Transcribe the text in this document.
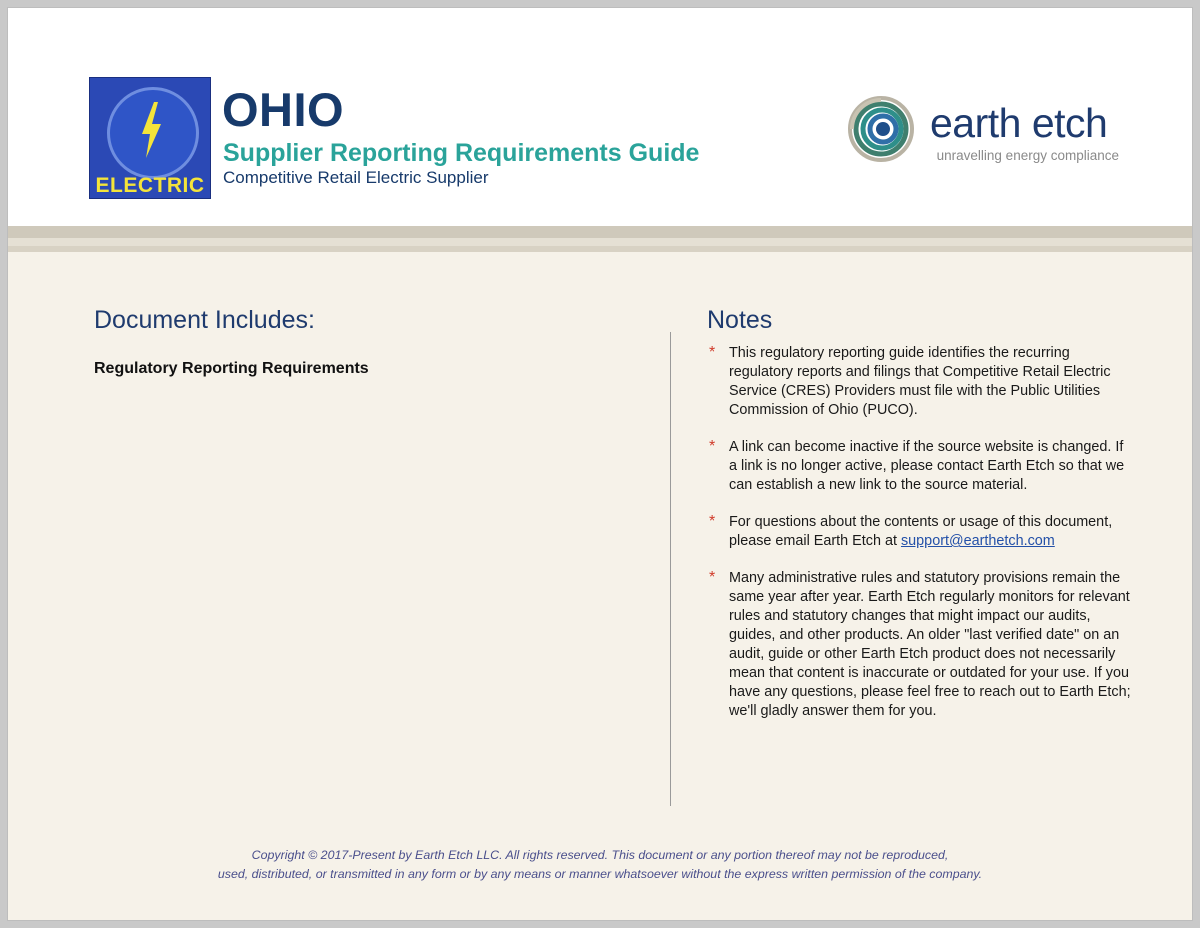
ELECTRIC
OHIO
Supplier Reporting Requirements Guide
Competitive Retail Electric Supplier
earth etch
unravelling energy compliance
Document Includes:
Regulatory Reporting Requirements
Notes
* This regulatory reporting guide identifies the recurring regulatory reports and filings that Competitive Retail Electric Service (CRES) Providers must file with the Public Utilities Commission of Ohio (PUCO).
* A link can become inactive if the source website is changed. If a link is no longer active, please contact Earth Etch so that we can establish a new link to the source material.
* For questions about the contents or usage of this document, please email Earth Etch at support@earthetch.com
* Many administrative rules and statutory provisions remain the same year after year. Earth Etch regularly monitors for relevant rules and statutory changes that might impact our audits, guides, and other products. An older "last verified date" on an audit, guide or other Earth Etch product does not necessarily mean that content is inaccurate or outdated for your use. If you have any questions, please feel free to reach out to Earth Etch; we'll gladly answer them for you.
Copyright © 2017-Present by Earth Etch LLC. All rights reserved. This document or any portion thereof may not be reproduced,
used, distributed, or transmitted in any form or by any means or manner whatsoever without the express written permission of the company.
